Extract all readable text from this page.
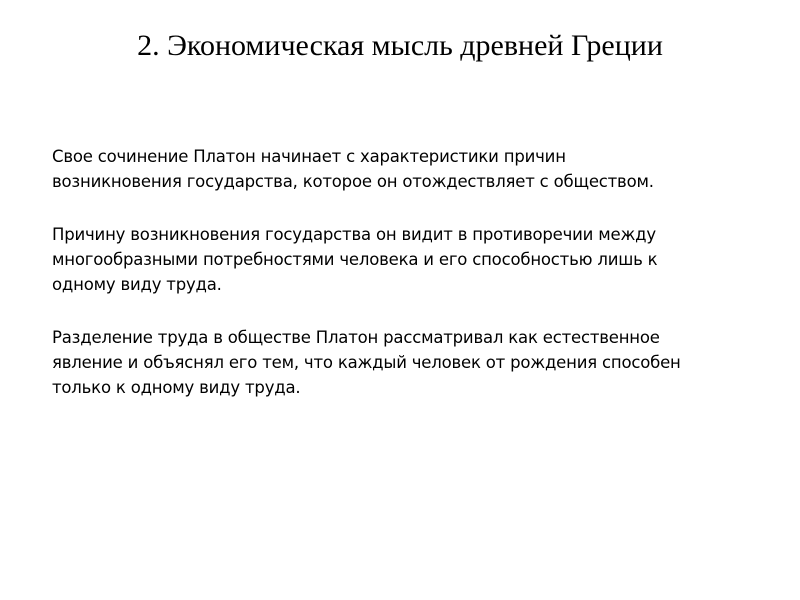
2. Экономическая мысль древней Греции

Свое сочинение Платон начинает с характеристики причин
возникновения государства, которое он отождествляет с обществом.

Причину возникновения государства он видит в противоречии между
многообразными потребностями человека и его способностью лишь к
одному виду труда.

Разделение труда в обществе Платон рассматривал как естественное
явление и объяснял его тем, что каждый человек от рождения способен
только к одному виду труда.
